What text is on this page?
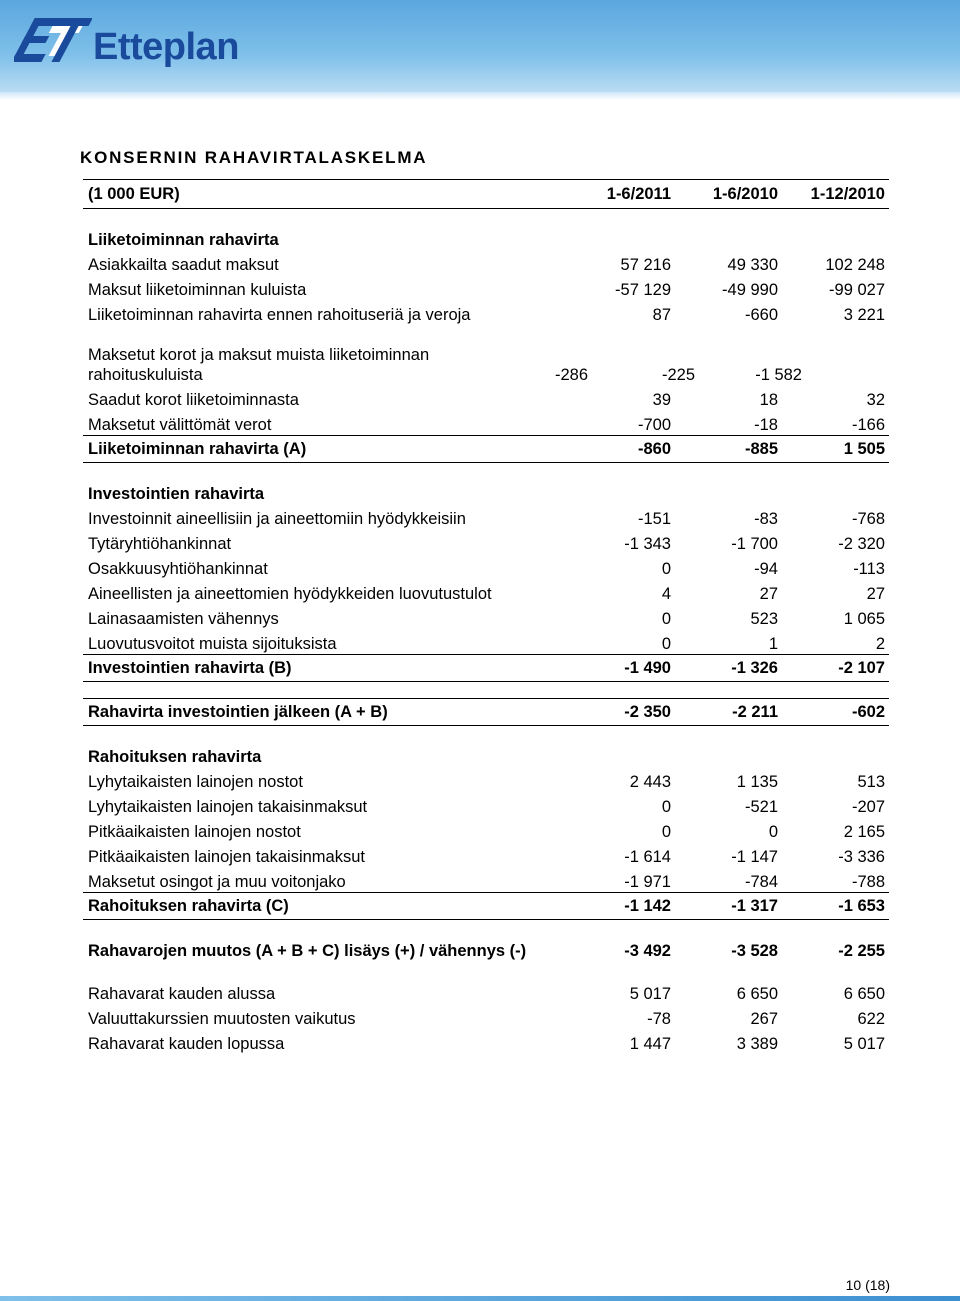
Etteplan
KONSERNIN RAHAVIRTALASKELMA
(1 000 EUR)	1-6/2011	1-6/2010	1-12/2010
Liiketoiminnan rahavirta
Asiakkailta saadut maksut	57 216	49 330	102 248
Maksut liiketoiminnan kuluista	-57 129	-49 990	-99 027
Liiketoiminnan rahavirta ennen rahoituseriä ja veroja	87	-660	3 221
Maksetut korot ja maksut muista liiketoiminnan rahoituskuluista	-286	-225	-1 582
Saadut korot liiketoiminnasta	39	18	32
Maksetut välittömät verot	-700	-18	-166
Liiketoiminnan rahavirta (A)	-860	-885	1 505
Investointien rahavirta
Investoinnit aineellisiin ja aineettomiin hyödykkeisiin	-151	-83	-768
Tytäryhtiöhankinnat	-1 343	-1 700	-2 320
Osakkuusyhtiöhankinnat	0	-94	-113
Aineellisten ja aineettomien hyödykkeiden luovutustulot	4	27	27
Lainasaamisten vähennys	0	523	1 065
Luovutusvoitot muista sijoituksista	0	1	2
Investointien rahavirta (B)	-1 490	-1 326	-2 107
Rahavirta investointien jälkeen (A + B)	-2 350	-2 211	-602
Rahoituksen rahavirta
Lyhytaikaisten lainojen nostot	2 443	1 135	513
Lyhytaikaisten lainojen takaisinmaksut	0	-521	-207
Pitkäaikaisten lainojen nostot	0	0	2 165
Pitkäaikaisten lainojen takaisinmaksut	-1 614	-1 147	-3 336
Maksetut osingot ja muu voitonjako	-1 971	-784	-788
Rahoituksen rahavirta (C)	-1 142	-1 317	-1 653
Rahavarojen muutos (A + B + C) lisäys (+) / vähennys (-)	-3 492	-3 528	-2 255
Rahavarat kauden alussa	5 017	6 650	6 650
Valuuttakurssien muutosten vaikutus	-78	267	622
Rahavarat kauden lopussa	1 447	3 389	5 017
10 (18)
